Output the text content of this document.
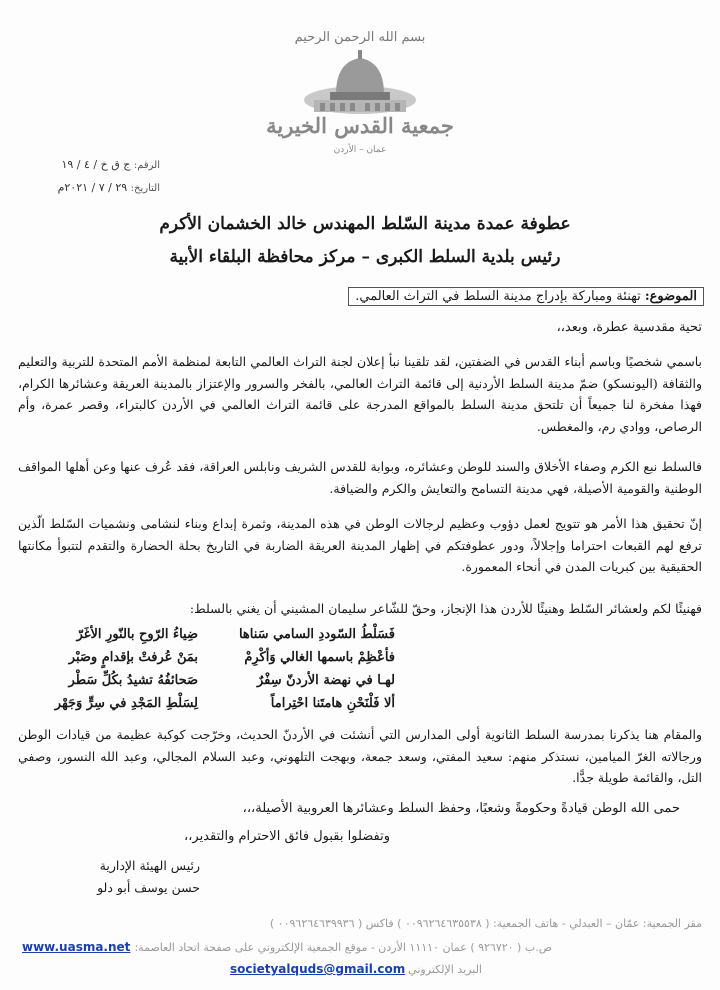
بسم الله الرحمن الرحيم
جمعية القدس الخيرية
عمان – الأردن
الرقم: ج ق خ / ٤ / ١٩
التاريخ: ٢٩ / ٧ / ٢٠٢١م
عطوفة عمدة مدينة السّلط المهندس خالد الخشمان الأكرم
رئيس بلدية السلط الكبرى – مركز محافظة البلقاء الأبية
الموضوع: تهنئة ومباركة بإدراج مدينة السلط في التراث العالمي.
تحية مقدسية عطرة، وبعد،،
باسمي شخصيًا وباسم أبناء القدس في الضفتين، لقد تلقينا نبأ إعلان لجنة التراث العالمي التابعة لمنظمة الأمم المتحدة للتربية والتعليم والثقافة (اليونسكو) ضمّ مدينة السلط الأردنية إلى قائمة التراث العالمي، بالفخر والسرور والإعتزاز بالمدينة العريقة وعشائرها الكرام، فهذا مفخرة لنا جميعاً أن تلتحق مدينة السلط بالمواقع المدرجة على قائمة التراث العالمي في الأردن كالبتراء، وقصر عمرة، وأم الرصاص، ووادي رم، والمغطس.
فالسلط نبع الكرم وصفاء الأخلاق والسند للوطن وعشائره، وبوابة للقدس الشريف ونابلس العراقة، فقد عُرف عنها وعن أهلها المواقف الوطنية والقومية الأصيلة، فهي مدينة التسامح والتعايش والكرم والضيافة.
إنّ تحقيق هذا الأمر هو تتويج لعمل دؤوب وعظيم لرجالات الوطن في هذه المدينة، وثمرة إبداع وبناء لنشامى ونشميات السّلط الّذين ترفع لهم القبعات احتراما وإجلالاً، ودور عطوفتكم في إظهار المدينة العريقة الضاربة في التاريخ بحلة الحضارة والتقدم لتتبوأ مكانتها الحقيقية بين كبريات المدن في أنحاء المعمورة.
فهنيئًا لكم ولعشائر السّلط وهنيئًا للأردن هذا الإنجاز، وحقّ للشّاعر سليمان المشيني أن يغني بالسلط:
فَسَلْطُ السّوددِ السامي سَناها
ضِياءُ الرّوحِ بالنّورِ الأغَرّ
فأعْظِمْ باسمها الغالي وَأكْرِمْ
بمَنْ عُرفتْ بإقدامٍ وصَبْر
لهـا في نهضة الأردنّ سِفْرٌ
صَحائفُهُ تشيدُ بكُلِّ سَطْر
ألا فَلْنَحْنِ هامتَنا احْتِراماً
لِسَلْطِ المَجْدِ في سِرٍّ وَجَهْر
والمقام هنا يذكرنا بمدرسة السلط الثانوية أولى المدارس التي أنشئت في الأردنّ الحديث، وخرّجت كوكبة عظيمة من قيادات الوطن ورجالاته الغرّ الميامين، نستذكر منهم: سعيد المفتي، وسعد جمعة، وبهجت التلهوني، وعبد السلام المجالي، وعبد الله النسور، وصفي التل، والقائمة طويلة جدًّا.
حمى الله الوطن قيادةً وحكومةً وشعبًا، وحفظ السلط وعشائرها العروبية الأصيلة،،،
وتفضلوا بقبول فائق الاحترام والتقدير،،
رئيس الهيئة الإدارية
حسن يوسف أبو دلو
مقر الجمعية: عمّان – العبدلي - هاتف الجمعية: ( ٠٠٩٦٢٦٤٦٣٥٥٣٨ ) فاكس ( ٠٠٩٦٢٦٤٦٣٩٩٣٦ )
ص.ب ( ٩٢٦٧٢٠ ) عمان ١١١١٠ الأردن - موقع الجمعية الإلكتروني على صفحة اتحاد العاصمة:
www.uasma.net
البريد الإلكتروني
societyalquds@gmail.com
